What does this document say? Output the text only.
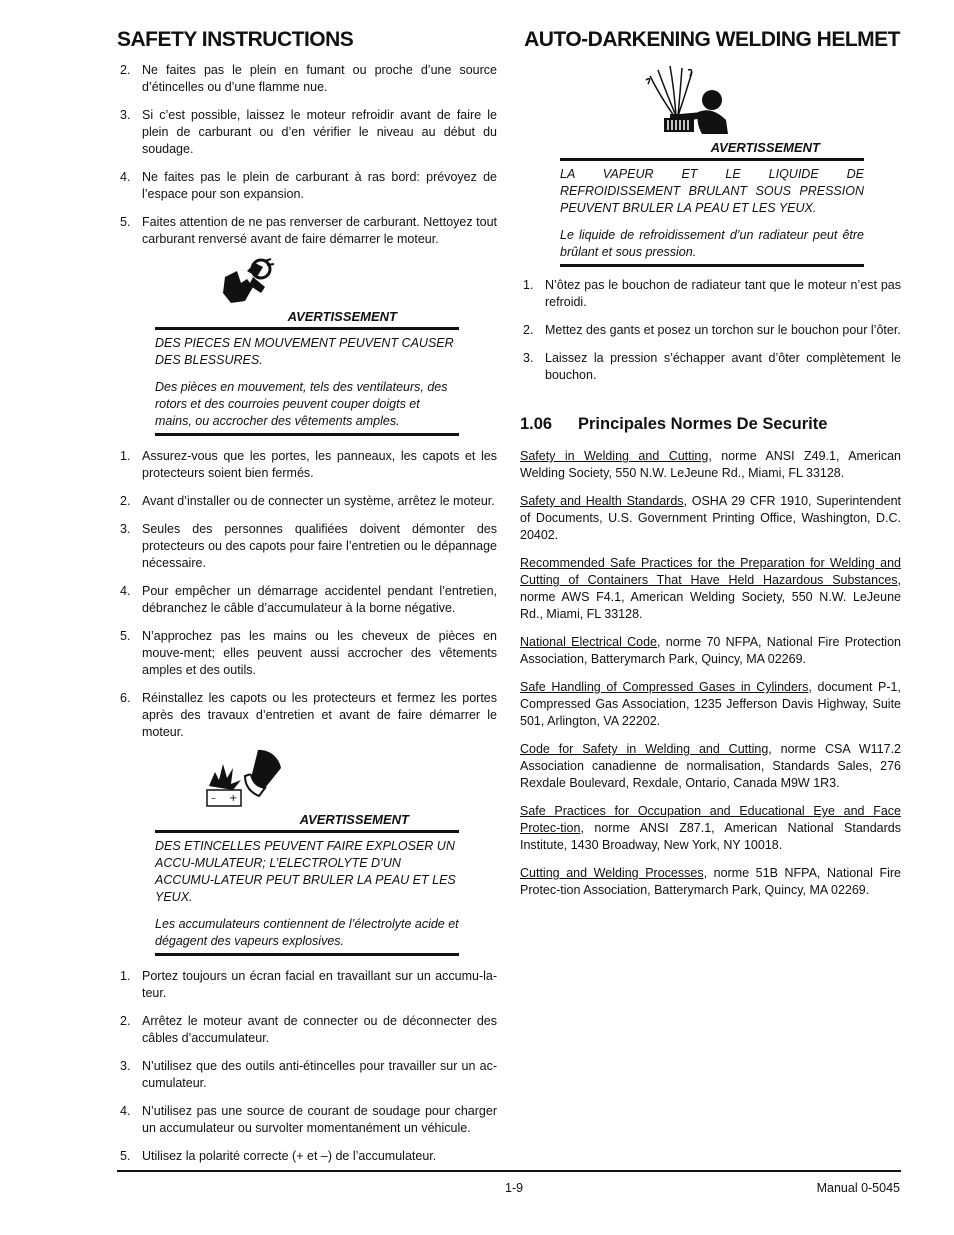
SAFETY INSTRUCTIONS	AUTO-DARKENING WELDING HELMET
2. Ne faites pas le plein en fumant ou proche d’une source d’étincelles ou d’une flamme nue.
3. Si c’est possible, laissez le moteur refroidir avant de faire le plein de carburant ou d’en vérifier le niveau au début du soudage.
4. Ne faites pas le plein de carburant à ras bord: prévoyez de l’espace pour son expansion.
5. Faites attention de ne pas renverser de carburant. Nettoyez tout carburant renversé avant de faire démarrer le moteur.
AVERTISSEMENT

DES PIECES EN MOUVEMENT PEUVENT CAUSER DES BLESSURES.

Des pièces en mouvement, tels des ventilateurs, des rotors et des courroies peuvent couper doigts et mains, ou accrocher des vêtements amples.

1. Assurez-vous que les portes, les panneaux, les capots et les protecteurs soient bien fermés.
2. Avant d’installer ou de connecter un système, arrêtez le moteur.
3. Seules des personnes qualifiées doivent démonter des protecteurs ou des capots pour faire l’entretien ou le dépannage nécessaire.
4. Pour empêcher un démarrage accidentel pendant l’entretien, débranchez le câble d’accumulateur à la borne négative.
5. N’approchez pas les mains ou les cheveux de pièces en mouve-ment; elles peuvent aussi accrocher des vêtements amples et des outils.
6. Réinstallez les capots ou les protecteurs et fermez les portes après des travaux d’entretien et avant de faire démarrer le moteur.
– +
AVERTISSEMENT

DES ETINCELLES PEUVENT FAIRE EXPLOSER UN ACCU-MULATEUR; L’ELECTROLYTE D’UN ACCUMU-LATEUR PEUT BRULER LA PEAU ET LES YEUX.

Les accumulateurs contiennent de l’électrolyte acide et dégagent des vapeurs explosives.

1. Portez toujours un écran facial en travaillant sur un accumu-la-teur.
2. Arrêtez le moteur avant de connecter ou de déconnecter des câbles d’accumulateur.
3. N’utilisez que des outils anti-étincelles pour travailler sur un ac-cumulateur.
4. N’utilisez pas une source de courant de soudage pour charger un accumulateur ou survolter momentanément un véhicule.
5. Utilisez la polarité correcte (+ et –) de l’accumulateur.
AVERTISSEMENT

LA VAPEUR ET LE LIQUIDE DE REFROIDISSEMENT BRULANT SOUS PRESSION PEUVENT BRULER LA PEAU ET LES YEUX.

Le liquide de refroidissement d’un radiateur peut être brûlant et sous pression.

1. N’ôtez pas le bouchon de radiateur tant que le moteur n’est pas refroidi.
2. Mettez des gants et posez un torchon sur le bouchon pour l’ôter.
3. Laissez la pression s’échapper avant d’ôter complètement le bouchon.
1.06 Principales Normes De Securite

Safety in Welding and Cutting, norme ANSI Z49.1, American Welding Society, 550 N.W. LeJeune Rd., Miami, FL 33128.

Safety and Health Standards, OSHA 29 CFR 1910, Superintendent of Documents, U.S. Government Printing Office, Washington, D.C. 20402.

Recommended Safe Practices for the Preparation for Welding and Cutting of Containers That Have Held Hazardous Substances, norme AWS F4.1, American Welding Society, 550 N.W. LeJeune Rd., Miami, FL 33128.

National Electrical Code, norme 70 NFPA, National Fire Protection Association, Batterymarch Park, Quincy, MA 02269.

Safe Handling of Compressed Gases in Cylinders, document P-1, Compressed Gas Association, 1235 Jefferson Davis Highway, Suite 501, Arlington, VA 22202.

Code for Safety in Welding and Cutting, norme CSA W117.2 Association canadienne de normalisation, Standards Sales, 276 Rexdale Boulevard, Rexdale, Ontario, Canada M9W 1R3.

Safe Practices for Occupation and Educational Eye and Face Protec-tion, norme ANSI Z87.1, American National Standards Institute, 1430 Broadway, New York, NY 10018.

Cutting and Welding Processes, norme 51B NFPA, National Fire Protec-tion Association, Batterymarch Park, Quincy, MA 02269.

1-9	Manual 0-5045
